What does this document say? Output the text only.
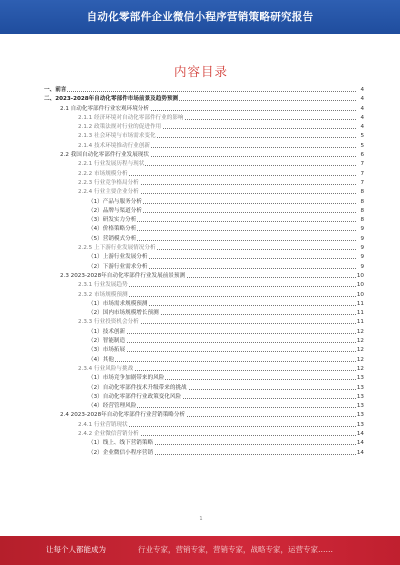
自动化零部件企业微信小程序营销策略研究报告
内容目录
一、前言	4
二、2023-2028年自动化零部件市场前景及趋势预测	4
2.1 自动化零部件行业宏观环境分析	4
2.1.1 经济环境对自动化零部件行业的影响	4
2.1.2 政策法规对行业的促进作用	4
2.1.3 社会环境与市场需求变化	5
2.1.4 技术环境推动行业创新	5
2.2 我国自动化零部件行业发展现状	6
2.2.1 行业发展历程与现状	7
2.2.2 市场规模分析	7
2.2.3 行业竞争格局分析	7
2.2.4 行业主要企业分析	8
（1）产品与服务分析	8
（2）品牌与渠道分析	8
（3）研发实力分析	8
（4）价格策略分析	9
（5）营销模式分析	9
2.2.5 上下游行业发展情况分析	9
（1）上游行业发展分析	9
（2）下游行业需求分析	9
2.3 2023-2028年自动化零部件行业发展前景预测	10
2.3.1 行业发展趋势	10
2.3.2 市场规模预测	10
（1）市场需求规模预测	11
（2）国内市场规模增长预测	11
2.3.3 行业投资机会分析	11
（1）技术创新	12
（2）智能制造	12
（3）市场拓展	12
（4）其他	12
2.3.4 行业风险与挑战	12
（1）市场竞争加剧带来的风险	13
（2）自动化零部件技术升级带来的挑战	13
（3）自动化零部件行业政策变化风险	13
（4）经营管理风险	13
2.4 2023-2028年自动化零部件行业营销策略分析	13
2.4.1 行业营销现状	13
2.4.2 企业微信营销分析	14
（1）线上、线下营销策略	14
（2）企业微信小程序营销	14
1
让每个人都能成为	行业专家，营销专家，营销专家，战略专家，运营专家……
